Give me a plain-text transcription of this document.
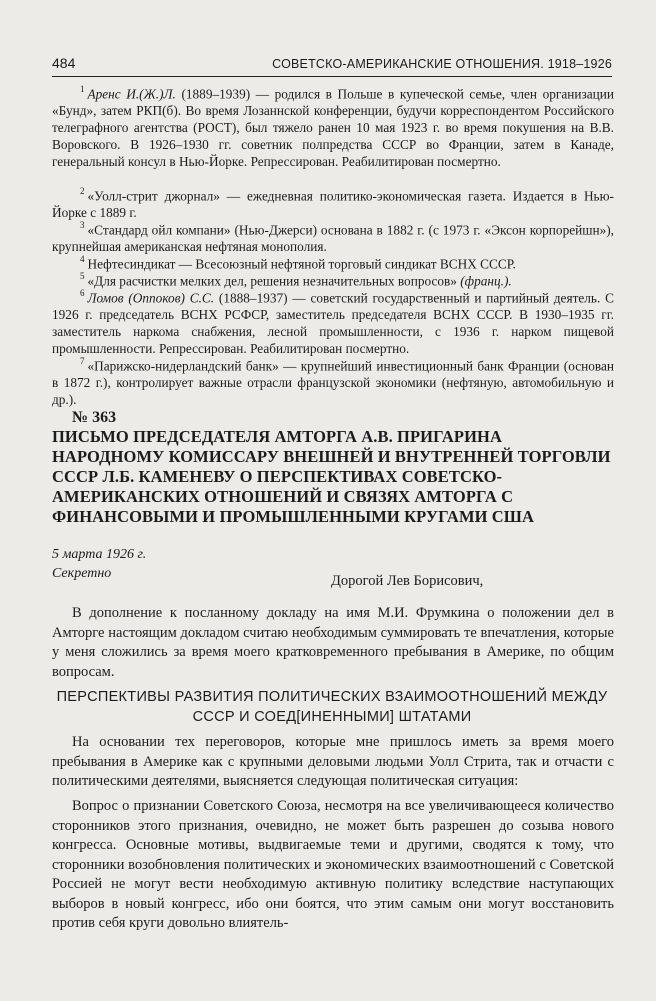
484	СОВЕТСКО-АМЕРИКАНСКИЕ ОТНОШЕНИЯ. 1918–1926
$^1$ Аренс И.(Ж.)Л. (1889–1939) — родился в Польше в купеческой семье, член организации «Бунд», затем РКП(б). Во время Лозаннской конференции, будучи корреспондентом Российского телеграфного агентства (РОСТ), был тяжело ранен 10 мая 1923 г. во время покушения на В.В. Воровского. В 1926–1930 гг. советник полпредства СССР во Франции, затем в Канаде, генеральный консул в Нью-Йорке. Репрессирован. Реабилитирован посмертно.
$^2$ «Уолл-стрит джорнал» — ежедневная политико-экономическая газета. Издается в Нью-Йорке с 1889 г.
$^3$ «Стандард ойл компани» (Нью-Джерси) основана в 1882 г. (с 1973 г. «Эксон корпорейшн»), крупнейшая американская нефтяная монополия.
$^4$ Нефтесиндикат — Всесоюзный нефтяной торговый синдикат ВСНХ СССР.
$^5$ «Для расчистки мелких дел, решения незначительных вопросов» (франц.).
$^6$ Ломов (Оппоков) С.С. (1888–1937) — советский государственный и партийный деятель. С 1926 г. председатель ВСНХ РСФСР, заместитель председателя ВСНХ СССР. В 1930–1935 гг. заместитель наркома снабжения, лесной промышленности, с 1936 г. нарком пищевой промышленности. Репрессирован. Реабилитирован посмертно.
$^7$ «Парижско-нидерландский банк» — крупнейший инвестиционный банк Франции (основан в 1872 г.), контролирует важные отрасли французской экономики (нефтяную, автомобильную и др.).
№ 363
ПИСЬМО ПРЕДСЕДАТЕЛЯ АМТОРГА А.В. ПРИГАРИНА НАРОДНОМУ КОМИССАРУ ВНЕШНЕЙ И ВНУТРЕННЕЙ ТОРГОВЛИ СССР Л.Б. КАМЕНЕВУ О ПЕРСПЕКТИВАХ СОВЕТСКО-АМЕРИКАНСКИХ ОТНОШЕНИЙ И СВЯЗЯХ АМТОРГА С ФИНАНСОВЫМИ И ПРОМЫШЛЕННЫМИ КРУГАМИ США
5 марта 1926 г.
Секретно	Дорогой Лев Борисович,
В дополнение к посланному докладу на имя М.И. Фрумкина о положении дел в Амторге настоящим докладом считаю необходимым суммировать те впечатления, которые у меня сложились за время моего кратковременного пребывания в Америке, по общим вопросам.
ПЕРСПЕКТИВЫ РАЗВИТИЯ ПОЛИТИЧЕСКИХ ВЗАИМООТНОШЕНИЙ МЕЖДУ СССР И СОЕД[ИНЕННЫМИ] ШТАТАМИ
На основании тех переговоров, которые мне пришлось иметь за время моего пребывания в Америке как с крупными деловыми людьми Уолл Стрита, так и отчасти с политическими деятелями, выясняется следующая политическая ситуация:
Вопрос о признании Советского Союза, несмотря на все увеличивающееся количество сторонников этого признания, очевидно, не может быть разрешен до созыва нового конгресса. Основные мотивы, выдвигаемые теми и другими, сводятся к тому, что сторонники возобновления политических и экономических взаимоотношений с Советской Россией не могут вести необходимую активную политику вследствие наступающих выборов в новый конгресс, ибо они боятся, что этим самым они могут восстановить против себя круги довольно влиятель-
